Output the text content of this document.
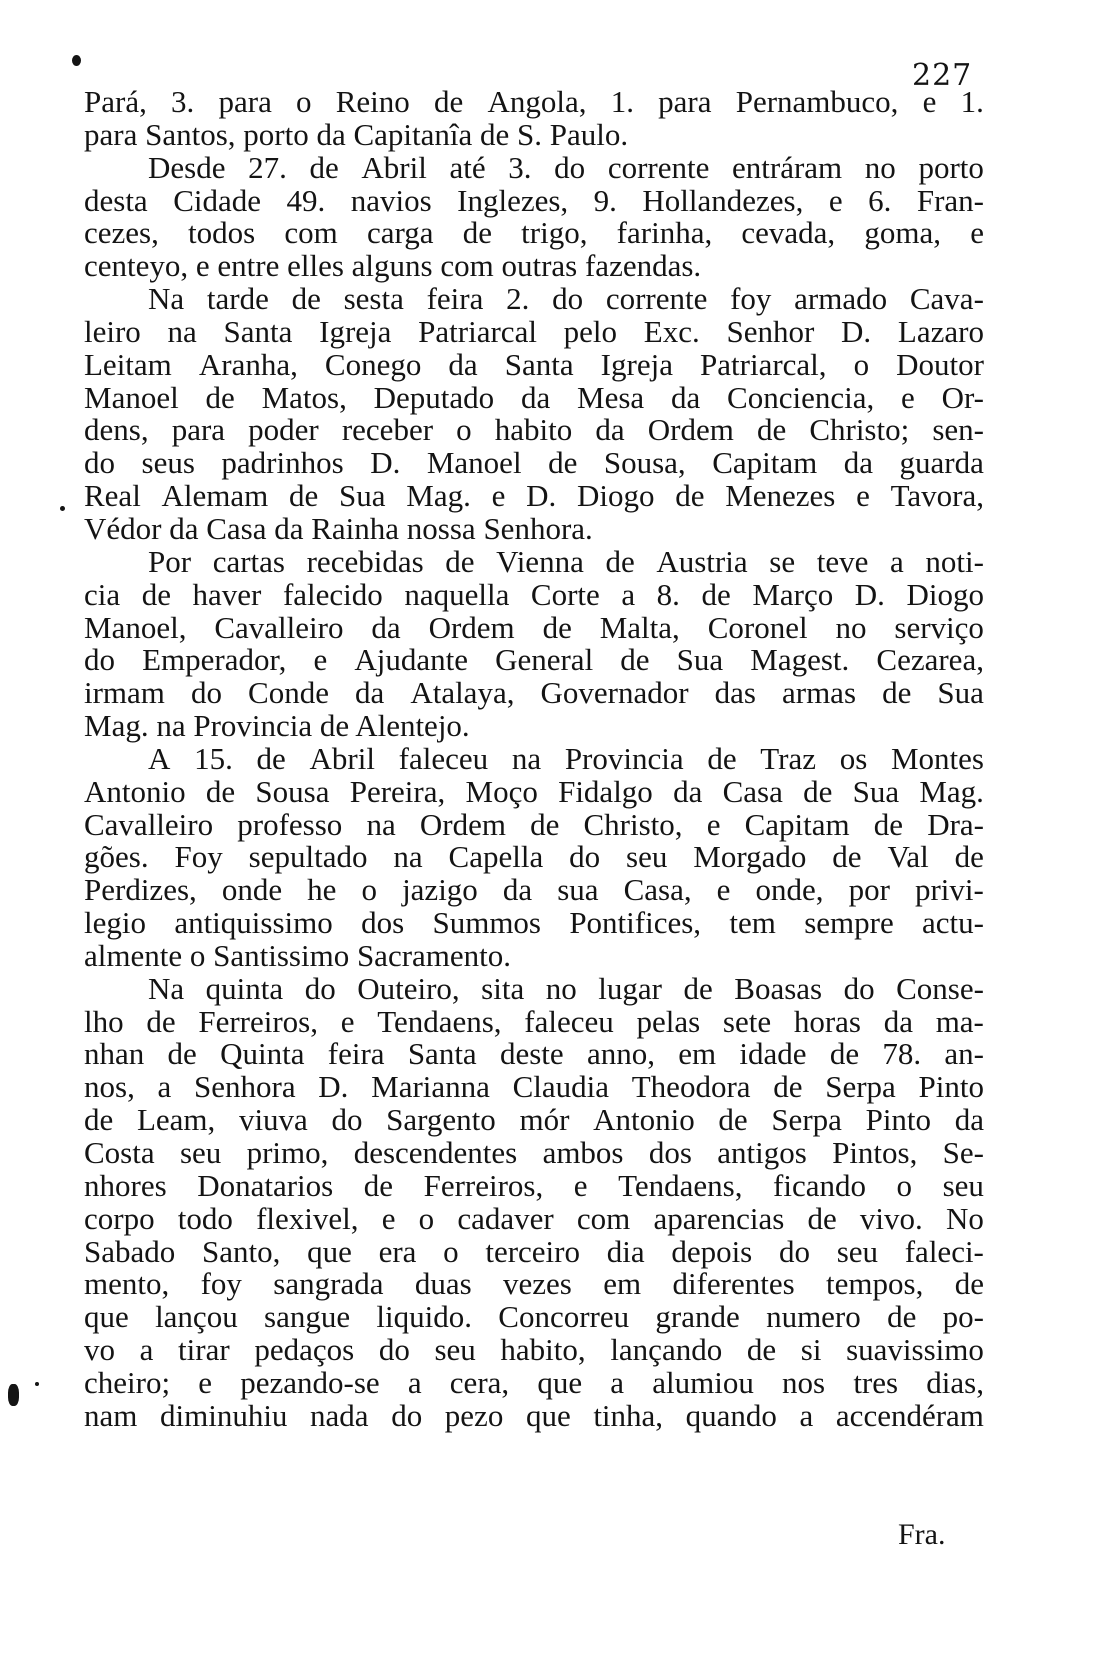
227
Pará, 3. para o Reino de Angola, 1. para Pernambuco, e 1.
para Santos, porto da Capitanîa de S. Paulo.
Desde 27. de Abril até 3. do corrente entráram no porto
desta Cidade 49. navios Inglezes, 9. Hollandezes, e 6. Fran-
cezes, todos com carga de trigo, farinha, cevada, goma, e
centeyo, e entre elles alguns com outras fazendas.
Na tarde de sesta feira 2. do corrente foy armado Cava-
leiro na Santa Igreja Patriarcal pelo Exc. Senhor D. Lazaro
Leitam Aranha, Conego da Santa Igreja Patriarcal, o Doutor
Manoel de Matos, Deputado da Mesa da Conciencia, e Or-
dens, para poder receber o habito da Ordem de Christo; sen-
do seus padrinhos D. Manoel de Sousa, Capitam da guarda
Real Alemam de Sua Mag. e D. Diogo de Menezes e Tavora,
Védor da Casa da Rainha nossa Senhora.
Por cartas recebidas de Vienna de Austria se teve a noti-
cia de haver falecido naquella Corte a 8. de Março D. Diogo
Manoel, Cavalleiro da Ordem de Malta, Coronel no serviço
do Emperador, e Ajudante General de Sua Magest. Cezarea,
irmam do Conde da Atalaya, Governador das armas de Sua
Mag. na Provincia de Alentejo.
A 15. de Abril faleceu na Provincia de Traz os Montes
Antonio de Sousa Pereira, Moço Fidalgo da Casa de Sua Mag.
Cavalleiro professo na Ordem de Christo, e Capitam de Dra-
gões. Foy sepultado na Capella do seu Morgado de Val de
Perdizes, onde he o jazigo da sua Casa, e onde, por privi-
legio antiquissimo dos Summos Pontifices, tem sempre actu-
almente o Santissimo Sacramento.
Na quinta do Outeiro, sita no lugar de Boasas do Conse-
lho de Ferreiros, e Tendaens, faleceu pelas sete horas da ma-
nhan de Quinta feira Santa deste anno, em idade de 78. an-
nos, a Senhora D. Marianna Claudia Theodora de Serpa Pinto
de Leam, viuva do Sargento mór Antonio de Serpa Pinto da
Costa seu primo, descendentes ambos dos antigos Pintos, Se-
nhores Donatarios de Ferreiros, e Tendaens, ficando o seu
corpo todo flexivel, e o cadaver com aparencias de vivo. No
Sabado Santo, que era o terceiro dia depois do seu faleci-
mento, foy sangrada duas vezes em diferentes tempos, de
que lançou sangue liquido. Concorreu grande numero de po-
vo a tirar pedaços do seu habito, lançando de si suavissimo
cheiro; e pezando-se a cera, que a alumiou nos tres dias,
nam diminuhiu nada do pezo que tinha, quando a accendéram
Fra.
